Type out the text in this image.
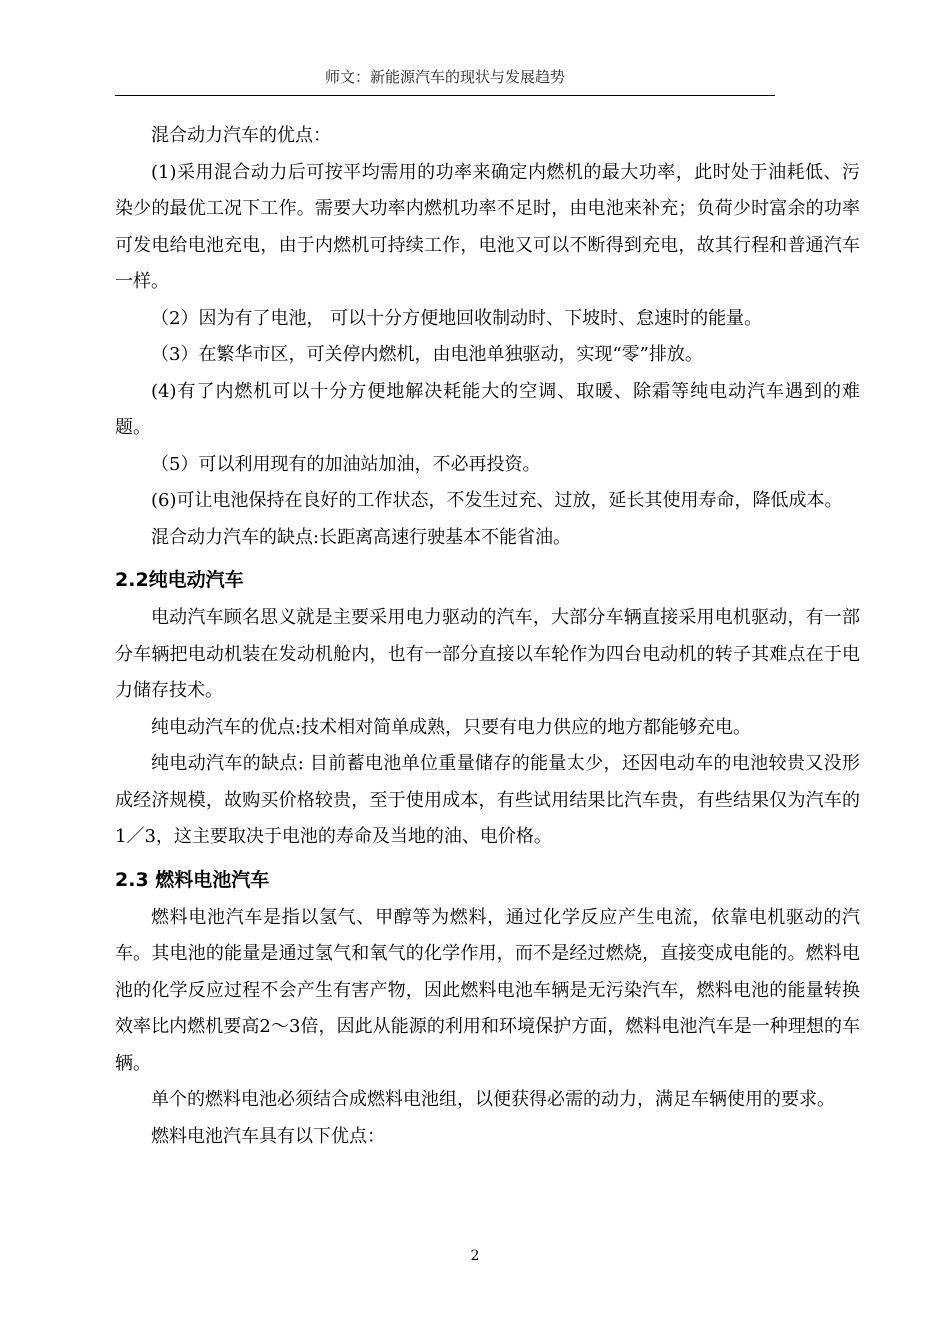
师文：新能源汽车的现状与发展趋势

混合动力汽车的优点：

(1)采用混合动力后可按平均需用的功率来确定内燃机的最大功率，此时处于油耗低、污染少的最优工况下工作。需要大功率内燃机功率不足时，由电池来补充；负荷少时富余的功率可发电给电池充电，由于内燃机可持续工作，电池又可以不断得到充电，故其行程和普通汽车一样。

（2）因为有了电池， 可以十分方便地回收制动时、下坡时、怠速时的能量。

（3）在繁华市区，可关停内燃机，由电池单独驱动，实现“零”排放。

(4)有了内燃机可以十分方便地解决耗能大的空调、取暖、除霜等纯电动汽车遇到的难题。

（5）可以利用现有的加油站加油，不必再投资。

(6)可让电池保持在良好的工作状态，不发生过充、过放，延长其使用寿命，降低成本。

混合动力汽车的缺点:长距离高速行驶基本不能省油。

2.2纯电动汽车

电动汽车顾名思义就是主要采用电力驱动的汽车，大部分车辆直接采用电机驱动，有一部分车辆把电动机装在发动机舱内，也有一部分直接以车轮作为四台电动机的转子其难点在于电力储存技术。

纯电动汽车的优点:技术相对简单成熟，只要有电力供应的地方都能够充电。

纯电动汽车的缺点: 目前蓄电池单位重量储存的能量太少，还因电动车的电池较贵又没形成经济规模，故购买价格较贵，至于使用成本，有些试用结果比汽车贵，有些结果仅为汽车的1／3，这主要取决于电池的寿命及当地的油、电价格。

2.3 燃料电池汽车

燃料电池汽车是指以氢气、甲醇等为燃料，通过化学反应产生电流，依靠电机驱动的汽车。其电池的能量是通过氢气和氧气的化学作用，而不是经过燃烧，直接变成电能的。燃料电池的化学反应过程不会产生有害产物，因此燃料电池车辆是无污染汽车，燃料电池的能量转换效率比内燃机要高2～3倍，因此从能源的利用和环境保护方面，燃料电池汽车是一种理想的车辆。

单个的燃料电池必须结合成燃料电池组，以便获得必需的动力，满足车辆使用的要求。

燃料电池汽车具有以下优点：

2
